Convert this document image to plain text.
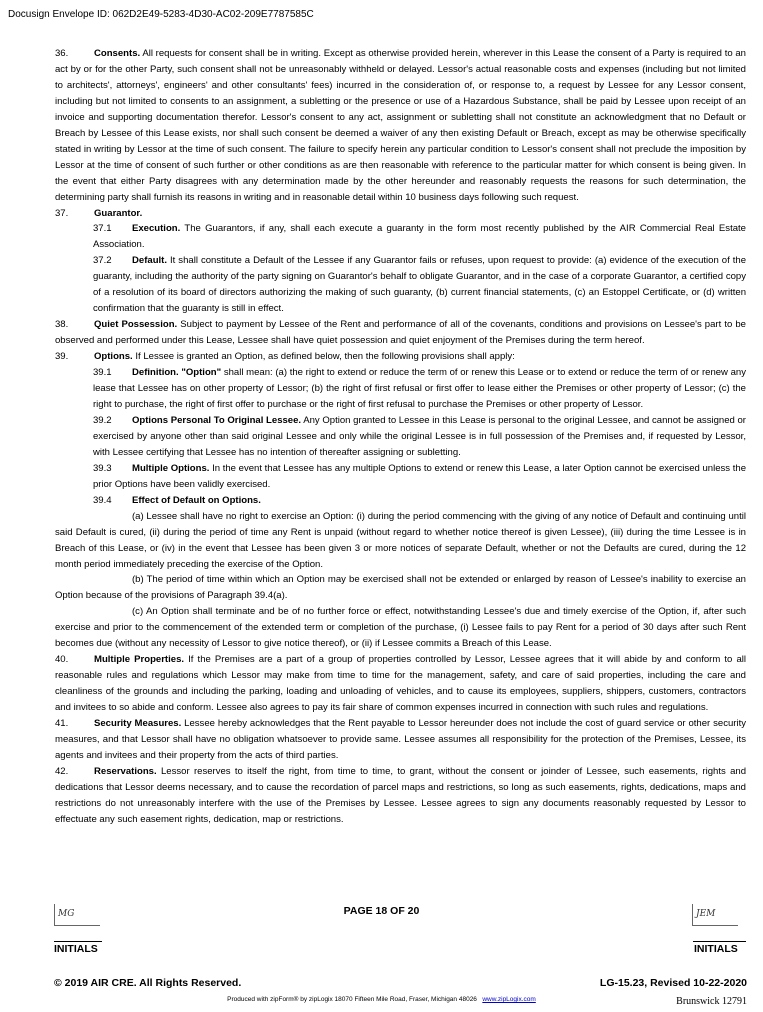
Docusign Envelope ID: 062D2E49-5283-4D30-AC02-209E7787585C

36.	Consents. All requests for consent shall be in writing. Except as otherwise provided herein, wherever in this Lease the consent of a Party is required to an act by or for the other Party, such consent shall not be unreasonably withheld or delayed. Lessor's actual reasonable costs and expenses (including but not limited to architects', attorneys', engineers' and other consultants' fees) incurred in the consideration of, or response to, a request by Lessee for any Lessor consent, including but not limited to consents to an assignment, a subletting or the presence or use of a Hazardous Substance, shall be paid by Lessee upon receipt of an invoice and supporting documentation therefor. Lessor's consent to any act, assignment or subletting shall not constitute an acknowledgment that no Default or Breach by Lessee of this Lease exists, nor shall such consent be deemed a waiver of any then existing Default or Breach, except as may be otherwise specifically stated in writing by Lessor at the time of such consent. The failure to specify herein any particular condition to Lessor's consent shall not preclude the imposition by Lessor at the time of consent of such further or other conditions as are then reasonable with reference to the particular matter for which consent is being given. In the event that either Party disagrees with any determination made by the other hereunder and reasonably requests the reasons for such determination, the determining party shall furnish its reasons in writing and in reasonable detail within 10 business days following such request.

37.	Guarantor.

37.1 Execution. The Guarantors, if any, shall each execute a guaranty in the form most recently published by the AIR Commercial Real Estate Association.

37.2 Default. It shall constitute a Default of the Lessee if any Guarantor fails or refuses, upon request to provide: (a) evidence of the execution of the guaranty, including the authority of the party signing on Guarantor's behalf to obligate Guarantor, and in the case of a corporate Guarantor, a certified copy of a resolution of its board of directors authorizing the making of such guaranty, (b) current financial statements, (c) an Estoppel Certificate, or (d) written confirmation that the guaranty is still in effect.

38.	Quiet Possession. Subject to payment by Lessee of the Rent and performance of all of the covenants, conditions and provisions on Lessee's part to be observed and performed under this Lease, Lessee shall have quiet possession and quiet enjoyment of the Premises during the term hereof.

39.	Options. If Lessee is granted an Option, as defined below, then the following provisions shall apply:

39.1 Definition. "Option" shall mean: (a) the right to extend or reduce the term of or renew this Lease or to extend or reduce the term of or renew any lease that Lessee has on other property of Lessor; (b) the right of first refusal or first offer to lease either the Premises or other property of Lessor; (c) the right to purchase, the right of first offer to purchase or the right of first refusal to purchase the Premises or other property of Lessor.

39.2 Options Personal To Original Lessee. Any Option granted to Lessee in this Lease is personal to the original Lessee, and cannot be assigned or exercised by anyone other than said original Lessee and only while the original Lessee is in full possession of the Premises and, if requested by Lessor, with Lessee certifying that Lessee has no intention of thereafter assigning or subletting.

39.3 Multiple Options. In the event that Lessee has any multiple Options to extend or renew this Lease, a later Option cannot be exercised unless the prior Options have been validly exercised.

39.4 Effect of Default on Options.

(a) Lessee shall have no right to exercise an Option: (i) during the period commencing with the giving of any notice of Default and continuing until said Default is cured, (ii) during the period of time any Rent is unpaid (without regard to whether notice thereof is given Lessee), (iii) during the time Lessee is in Breach of this Lease, or (iv) in the event that Lessee has been given 3 or more notices of separate Default, whether or not the Defaults are cured, during the 12 month period immediately preceding the exercise of the Option.

(b) The period of time within which an Option may be exercised shall not be extended or enlarged by reason of Lessee's inability to exercise an Option because of the provisions of Paragraph 39.4(a).

(c) An Option shall terminate and be of no further force or effect, notwithstanding Lessee's due and timely exercise of the Option, if, after such exercise and prior to the commencement of the extended term or completion of the purchase, (i) Lessee fails to pay Rent for a period of 30 days after such Rent becomes due (without any necessity of Lessor to give notice thereof), or (ii) if Lessee commits a Breach of this Lease.

40.	Multiple Properties. If the Premises are a part of a group of properties controlled by Lessor, Lessee agrees that it will abide by and conform to all reasonable rules and regulations which Lessor may make from time to time for the management, safety, and care of said properties, including the care and cleanliness of the grounds and including the parking, loading and unloading of vehicles, and to cause its employees, suppliers, shippers, customers, contractors and invitees to so abide and conform. Lessee also agrees to pay its fair share of common expenses incurred in connection with such rules and regulations.

41.	Security Measures. Lessee hereby acknowledges that the Rent payable to Lessor hereunder does not include the cost of guard service or other security measures, and that Lessor shall have no obligation whatsoever to provide same. Lessee assumes all responsibility for the protection of the Premises, Lessee, its agents and invitees and their property from the acts of third parties.

42.	Reservations. Lessor reserves to itself the right, from time to time, to grant, without the consent or joinder of Lessee, such easements, rights and dedications that Lessor deems necessary, and to cause the recordation of parcel maps and restrictions, so long as such easements, rights, dedications, maps and restrictions do not unreasonably interfere with the use of the Premises by Lessee. Lessee agrees to sign any documents reasonably requested by Lessor to effectuate any such easement rights, dedication, map or restrictions.

MG	PAGE 18 OF 20	JEM
INITIALS	INITIALS
© 2019 AIR CRE. All Rights Reserved.	LG-15.23, Revised 10-22-2020
Produced with zipForm® by zipLogix 18070 Fifteen Mile Road, Fraser, Michigan 48026 www.zipLogix.com	Brunswick 12791
